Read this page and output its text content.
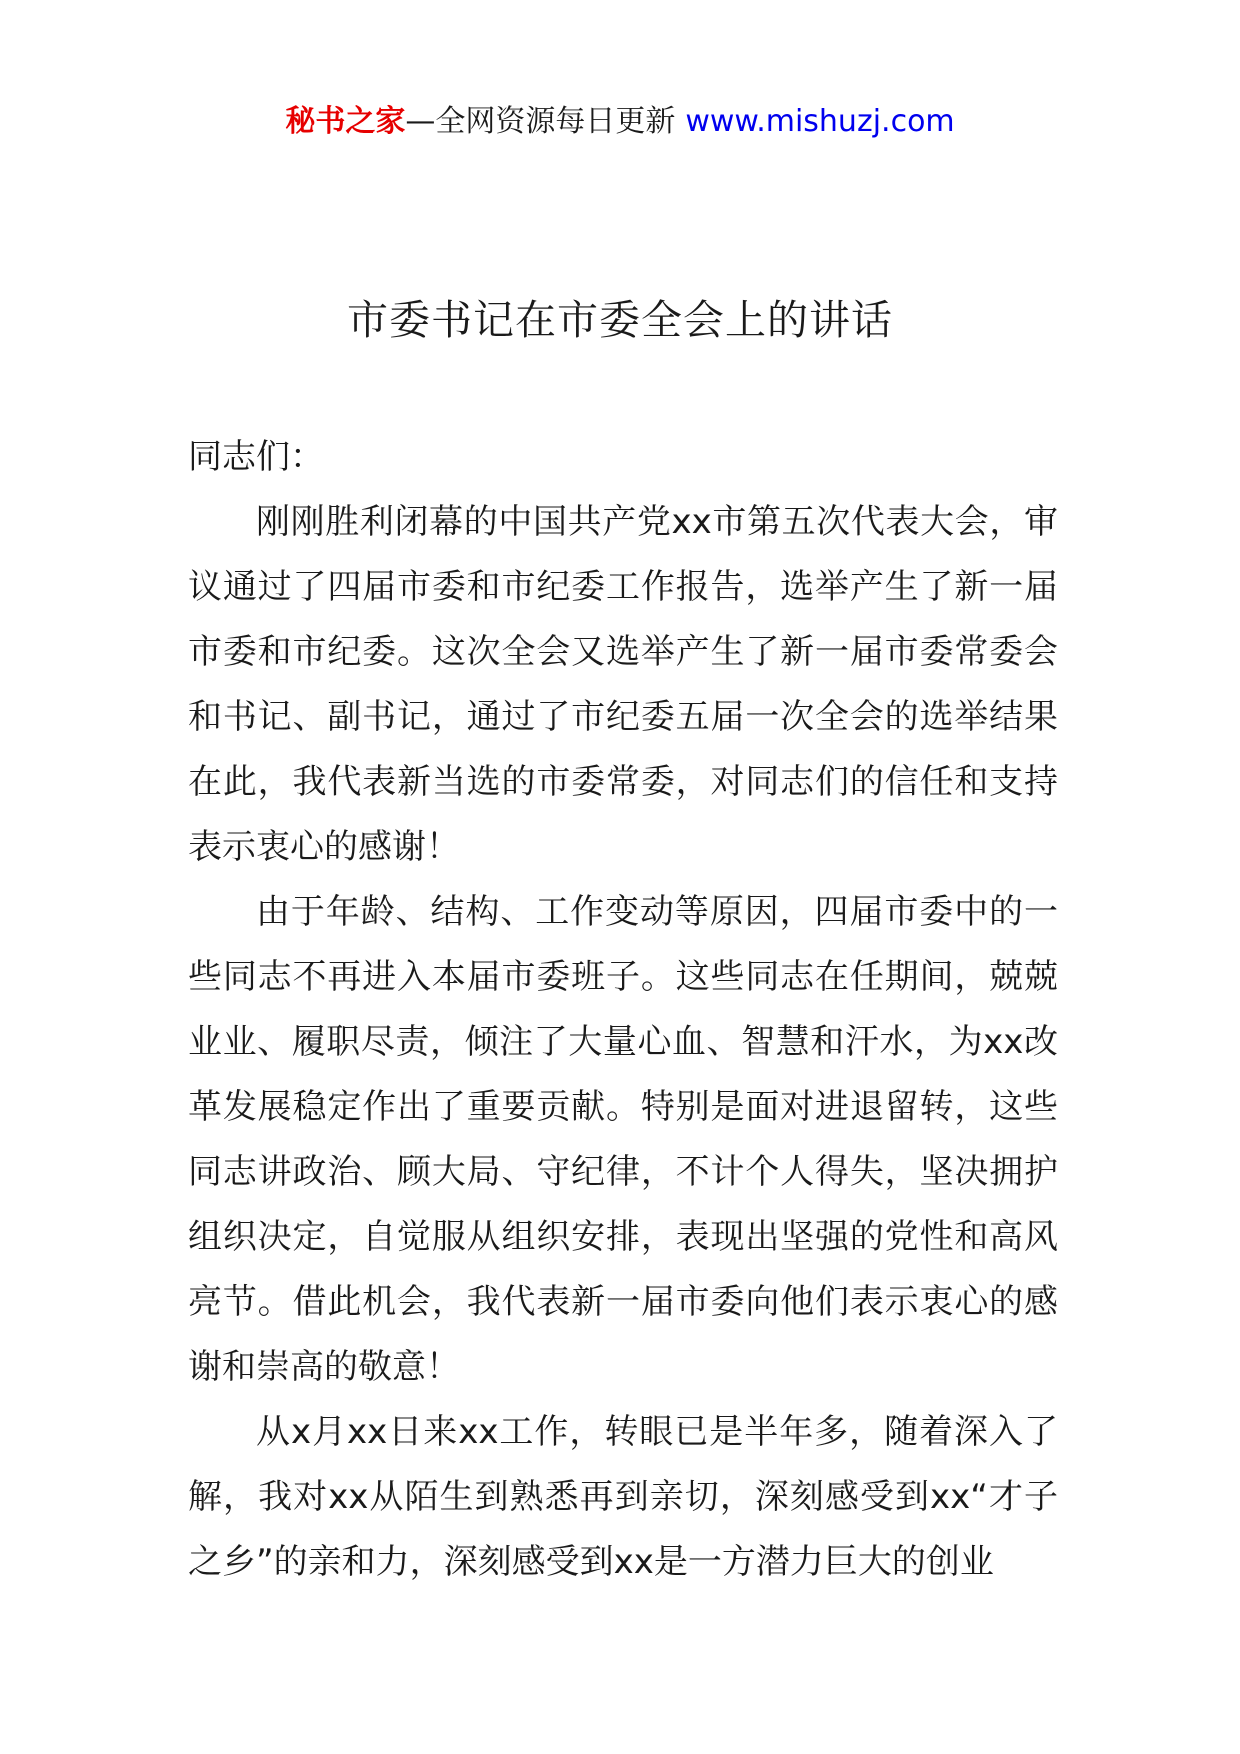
秘书之家—全网资源每日更新 www.mishuzj.com
市委书记在市委全会上的讲话

同志们：

刚刚胜利闭幕的中国共产党xx市第五次代表大会，审议通过了四届市委和市纪委工作报告，选举产生了新一届市委和市纪委。这次全会又选举产生了新一届市委常委会和书记、副书记，通过了市纪委五届一次全会的选举结果在此，我代表新当选的市委常委，对同志们的信任和支持表示衷心的感谢！

由于年龄、结构、工作变动等原因，四届市委中的一些同志不再进入本届市委班子。这些同志在任期间，兢兢业业、履职尽责，倾注了大量心血、智慧和汗水，为xx改革发展稳定作出了重要贡献。特别是面对进退留转，这些同志讲政治、顾大局、守纪律，不计个人得失，坚决拥护组织决定，自觉服从组织安排，表现出坚强的党性和高风亮节。借此机会，我代表新一届市委向他们表示衷心的感谢和崇高的敬意！

从x月xx日来xx工作，转眼已是半年多，随着深入了解，我对xx从陌生到熟悉再到亲切，深刻感受到xx“才子之乡”的亲和力，深刻感受到xx是一方潜力巨大的创业
